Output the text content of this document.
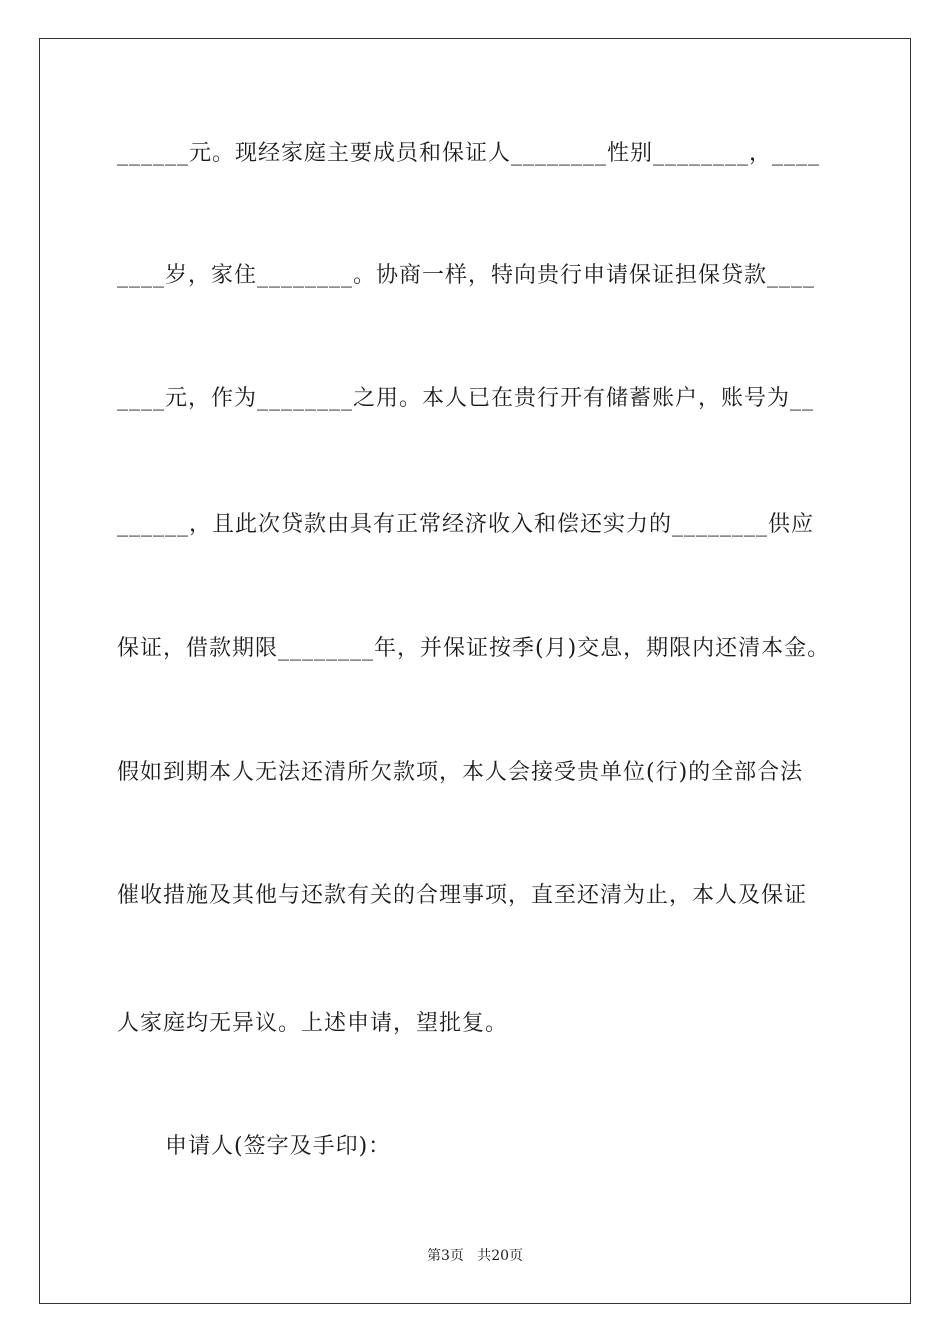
______元。现经家庭主要成员和保证人________性别________，____
____岁，家住________。协商一样，特向贵行申请保证担保贷款____
____元，作为________之用。本人已在贵行开有储蓄账户，账号为__
______，且此次贷款由具有正常经济收入和偿还实力的________供应
保证，借款期限________年，并保证按季(月)交息，期限内还清本金。
假如到期本人无法还清所欠款项，本人会接受贵单位(行)的全部合法
催收措施及其他与还款有关的合理事项，直至还清为止，本人及保证
人家庭均无异议。上述申请，望批复。
申请人(签字及手印)：
第3页   共20页
